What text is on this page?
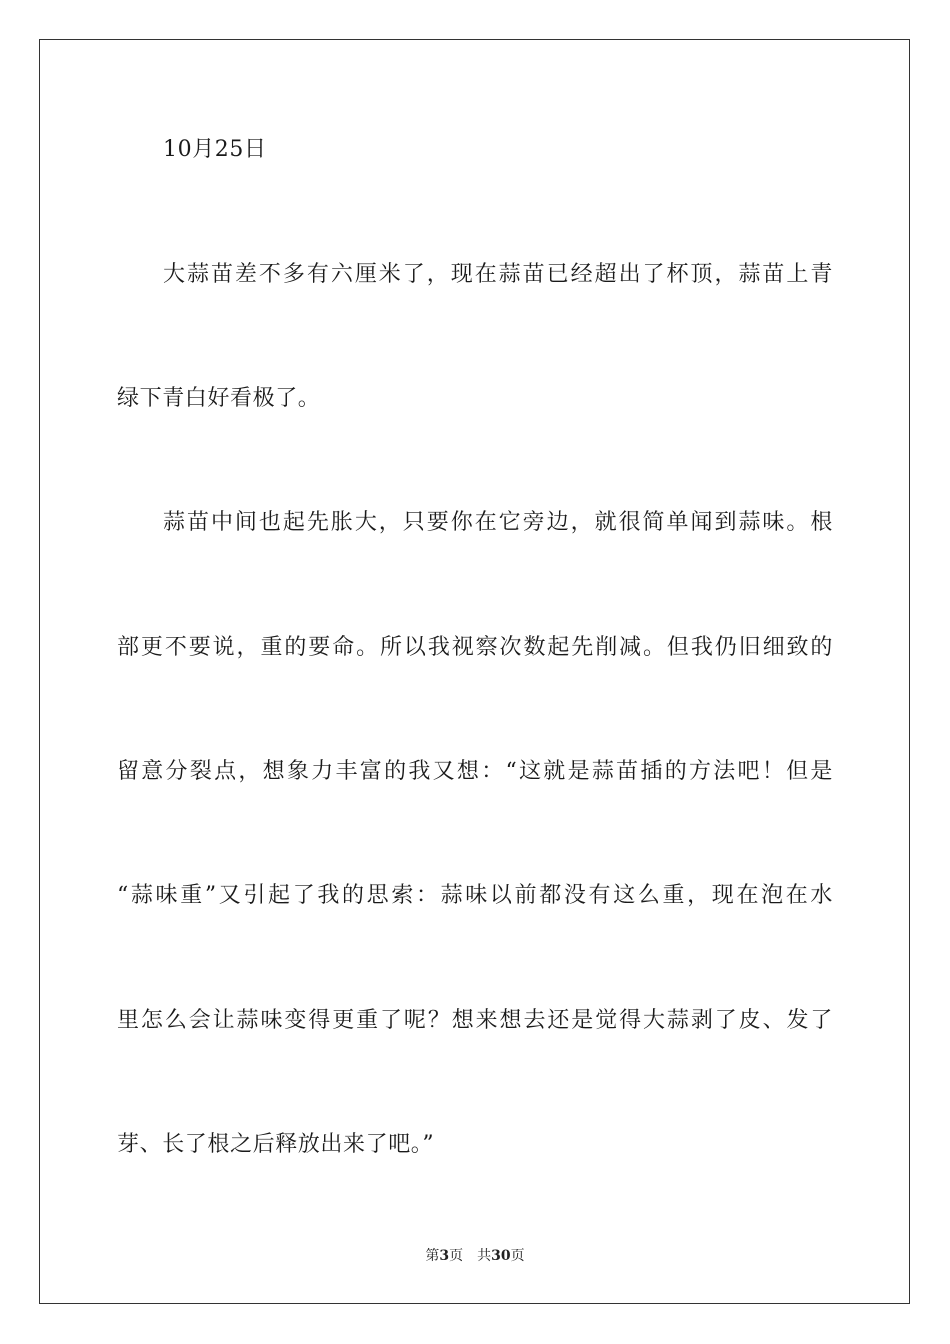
10月25日
大蒜苗差不多有六厘米了，现在蒜苗已经超出了杯顶，蒜苗上青
绿下青白好看极了。
蒜苗中间也起先胀大，只要你在它旁边，就很简单闻到蒜味。根
部更不要说，重的要命。所以我视察次数起先削减。但我仍旧细致的
留意分裂点，想象力丰富的我又想：“这就是蒜苗插的方法吧！但是
“蒜味重”又引起了我的思索：蒜味以前都没有这么重，现在泡在水
里怎么会让蒜味变得更重了呢？想来想去还是觉得大蒜剥了皮、发了
芽、长了根之后释放出来了吧。”
第3页 共30页
